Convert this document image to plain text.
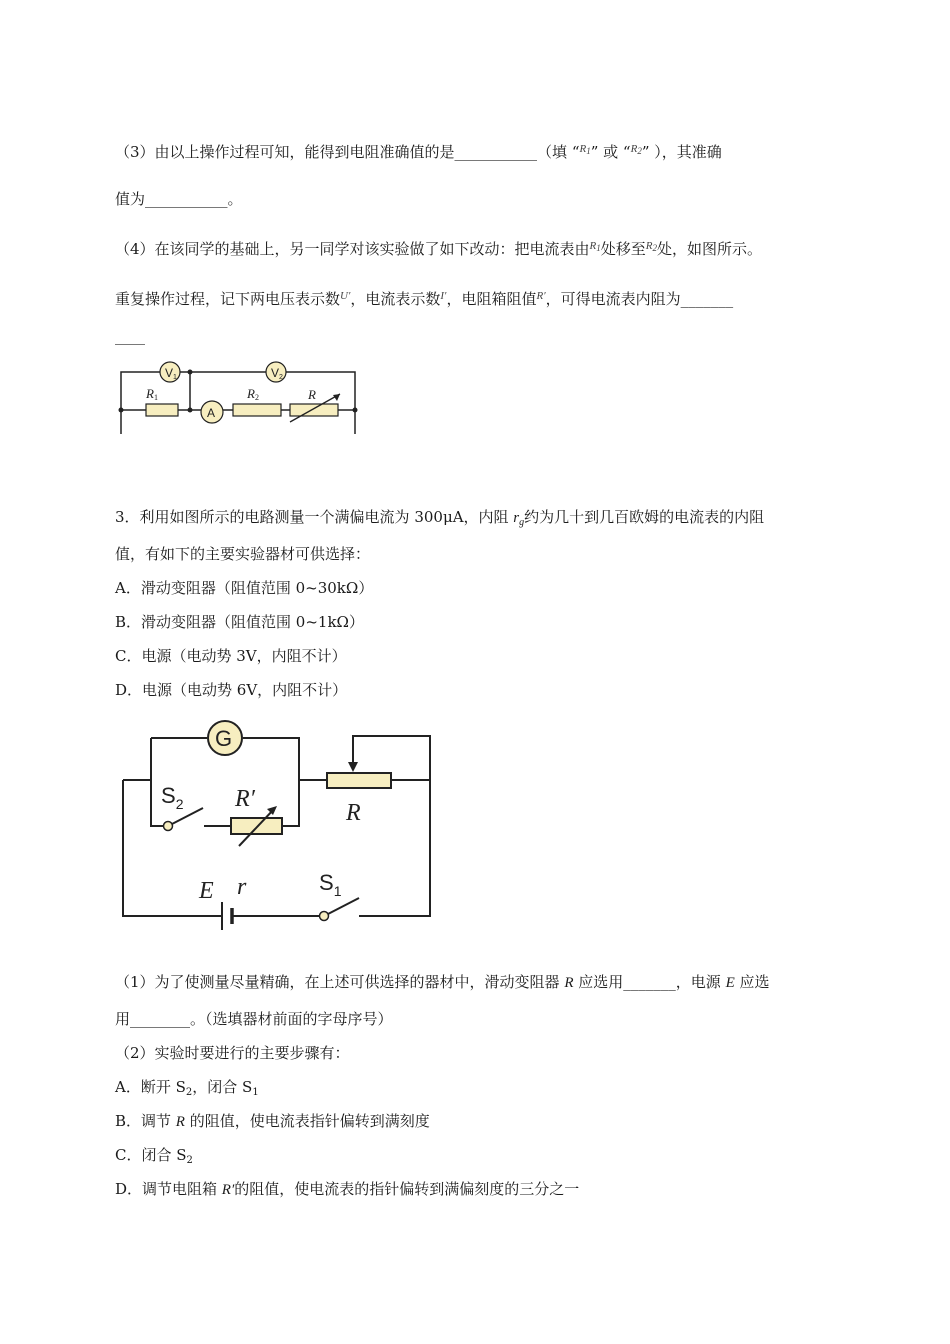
（3）由以上操作过程可知，能得到电阻准确值的是___________（填 “$^{R_1}$” 或 “$^{R_2}$” ），其准确
值为___________。
（4）在该同学的基础上，另一同学对该实验做了如下改动：把电流表由$^{R_1}$处移至$^{R_2}$处，如图所示。
重复操作过程，记下两电压表示数$^{U'}$，电流表示数$^{I'}$，电阻箱阻值$^{R'}$，可得电流表内阻为_______
____
V1	V2
A
R1	R2	R
3．利用如图所示的电路测量一个满偏电流为 300μA，内阻 $r_g$约为几十到几百欧姆的电流表的内阻
值，有如下的主要实验器材可供选择：
A．滑动变阻器（阻值范围 0~30kΩ）
B．滑动变阻器（阻值范围 0~1kΩ）
C．电源（电动势 3V，内阻不计）
D．电源（电动势 6V，内阻不计）
G
$S_2$ R′
R
E r	$S_1$
（1）为了使测量尽量精确，在上述可供选择的器材中，滑动变阻器 R 应选用_______，电源 E 应选
用________。（选填器材前面的字母序号）
（2）实验时要进行的主要步骤有：
A．断开 $S_2$，闭合 $S_1$
B．调节 R 的阻值，使电流表指针偏转到满刻度
C．闭合 $S_2$
D．调节电阻箱 R′的阻值，使电流表的指针偏转到满偏刻度的三分之一
